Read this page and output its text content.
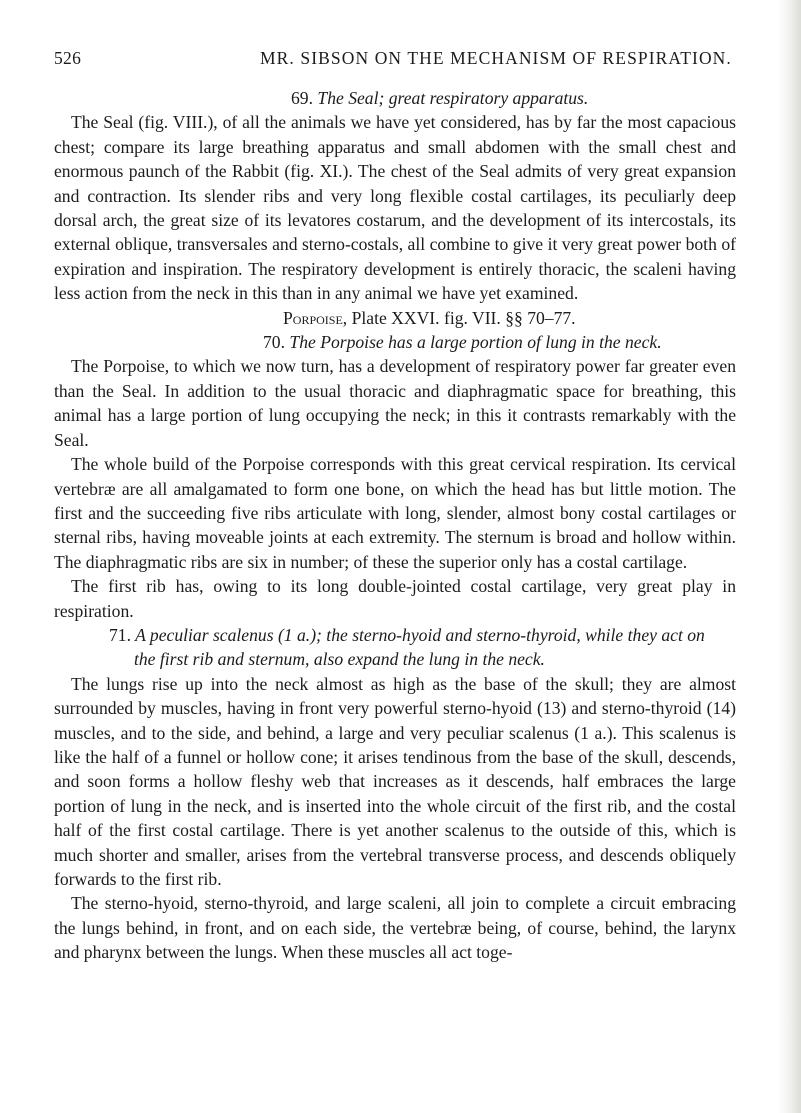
526	MR. SIBSON ON THE MECHANISM OF RESPIRATION.

69. The Seal; great respiratory apparatus.

The Seal (fig. VIII.), of all the animals we have yet considered, has by far the most capacious chest; compare its large breathing apparatus and small abdomen with the small chest and enormous paunch of the Rabbit (fig. XI.). The chest of the Seal admits of very great expansion and contraction. Its slender ribs and very long flexible costal cartilages, its peculiarly deep dorsal arch, the great size of its levatores costarum, and the development of its intercostals, its external oblique, transversales and sterno-costals, all combine to give it very great power both of expiration and inspiration. The respiratory development is entirely thoracic, the scaleni having less action from the neck in this than in any animal we have yet examined.

Porpoise, Plate XXVI. fig. VII. §§ 70–77.

70. The Porpoise has a large portion of lung in the neck.

The Porpoise, to which we now turn, has a development of respiratory power far greater even than the Seal. In addition to the usual thoracic and diaphragmatic space for breathing, this animal has a large portion of lung occupying the neck; in this it contrasts remarkably with the Seal.

The whole build of the Porpoise corresponds with this great cervical respiration. Its cervical vertebræ are all amalgamated to form one bone, on which the head has but little motion. The first and the succeeding five ribs articulate with long, slender, almost bony costal cartilages or sternal ribs, having moveable joints at each extremity. The sternum is broad and hollow within. The diaphragmatic ribs are six in number; of these the superior only has a costal cartilage.

The first rib has, owing to its long double-jointed costal cartilage, very great play in respiration.

71. A peculiar scalenus (1 a.); the sterno-hyoid and sterno-thyroid, while they act on

the first rib and sternum, also expand the lung in the neck.

The lungs rise up into the neck almost as high as the base of the skull; they are almost surrounded by muscles, having in front very powerful sterno-hyoid (13) and sterno-thyroid (14) muscles, and to the side, and behind, a large and very peculiar scalenus (1 a.). This scalenus is like the half of a funnel or hollow cone; it arises tendinous from the base of the skull, descends, and soon forms a hollow fleshy web that increases as it descends, half embraces the large portion of lung in the neck, and is inserted into the whole circuit of the first rib, and the costal half of the first costal cartilage. There is yet another scalenus to the outside of this, which is much shorter and smaller, arises from the vertebral transverse process, and descends obliquely forwards to the first rib.

The sterno-hyoid, sterno-thyroid, and large scaleni, all join to complete a circuit embracing the lungs behind, in front, and on each side, the vertebræ being, of course, behind, the larynx and pharynx between the lungs. When these muscles all act toge-
